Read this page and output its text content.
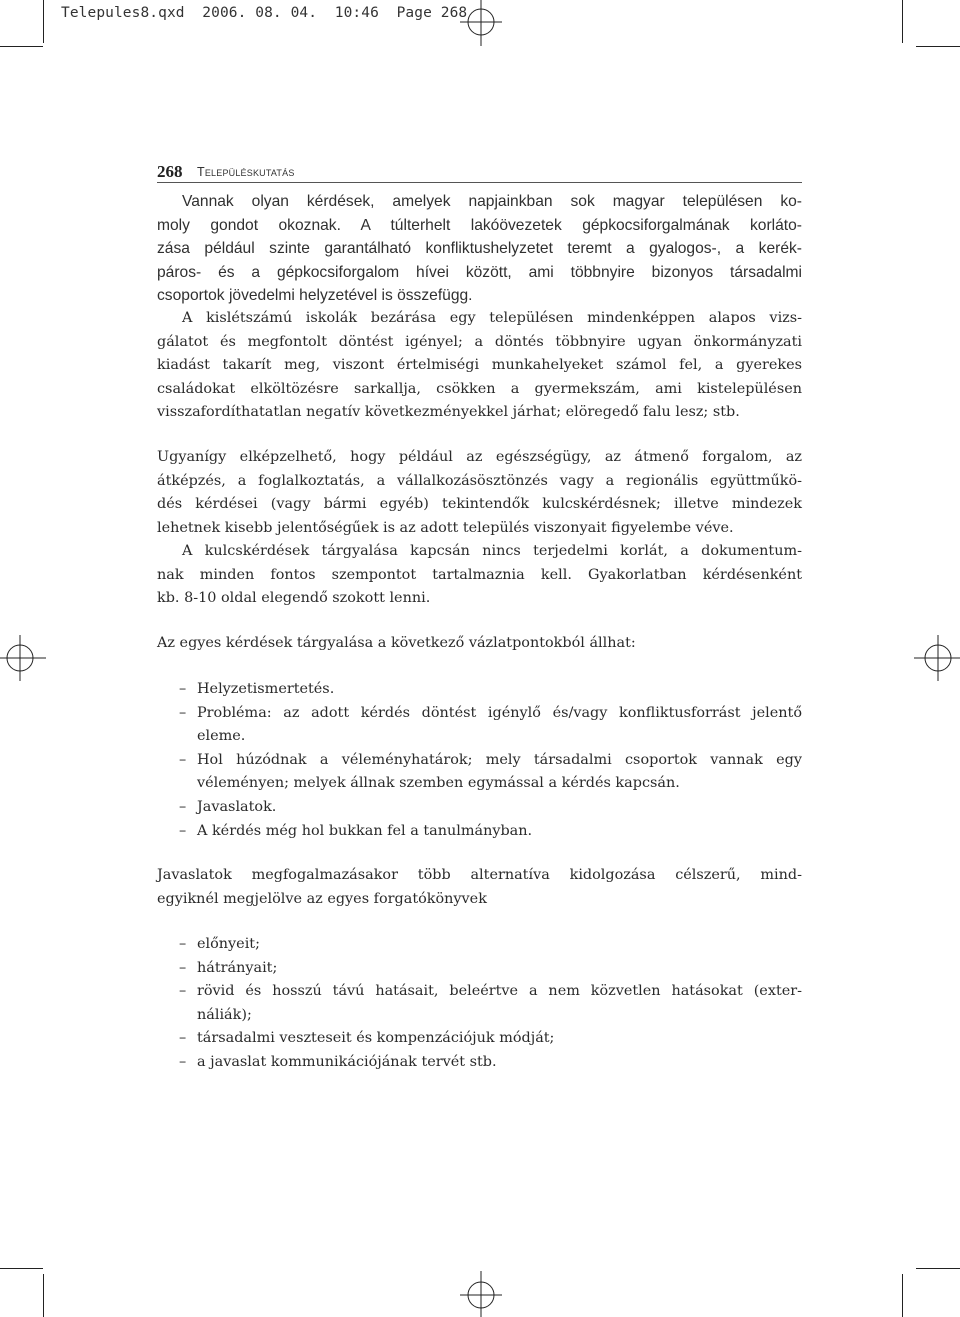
Telepules8.qxd 2006. 08. 04. 10:46 Page 268
268 Településkutatás
Vannak olyan kérdések, amelyek napjainkban sok magyar településen ko-
moly gondot okoznak. A túlterhelt lakóövezetek gépkocsiforgalmának korláto-
zása például szinte garantálható konfliktushelyzetet teremt a gyalogos-, a kerék-
páros- és a gépkocsiforgalom hívei között, ami többnyire bizonyos társadalmi
csoportok jövedelmi helyzetével is összefügg.
A kislétszámú iskolák bezárása egy településen mindenképpen alapos vizs-
gálatot és megfontolt döntést igényel; a döntés többnyire ugyan önkormányzati
kiadást takarít meg, viszont értelmiségi munkahelyeket számol fel, a gyerekes
családokat elköltözésre sarkallja, csökken a gyermekszám, ami kistelepülésen
visszafordíthatatlan negatív következményekkel járhat; elöregedő falu lesz; stb.
Ugyanígy elképzelhető, hogy például az egészségügy, az átmenő forgalom, az
átképzés, a foglalkoztatás, a vállalkozásösztönzés vagy a regionális együttműkö-
dés kérdései (vagy bármi egyéb) tekintendők kulcskérdésnek; illetve mindezek
lehetnek kisebb jelentőségűek is az adott település viszonyait figyelembe véve.
A kulcskérdések tárgyalása kapcsán nincs terjedelmi korlát, a dokumentum-
nak minden fontos szempontot tartalmaznia kell. Gyakorlatban kérdésenként
kb. 8-10 oldal elegendő szokott lenni.
Az egyes kérdések tárgyalása a következő vázlatpontokból állhat:
– Helyzetismertetés.
– Probléma: az adott kérdés döntést igénylő és/vagy konfliktusforrást jelentő
eleme.
– Hol húzódnak a véleményhatárok; mely társadalmi csoportok vannak egy
véleményen; melyek állnak szemben egymással a kérdés kapcsán.
– Javaslatok.
– A kérdés még hol bukkan fel a tanulmányban.
Javaslatok megfogalmazásakor több alternatíva kidolgozása célszerű, mind-
egyiknél megjelölve az egyes forgatókönyvek
– előnyeit;
– hátrányait;
– rövid és hosszú távú hatásait, beleértve a nem közvetlen hatásokat (exter-
náliák);
– társadalmi veszteseit és kompenzációjuk módját;
– a javaslat kommunikációjának tervét stb.
